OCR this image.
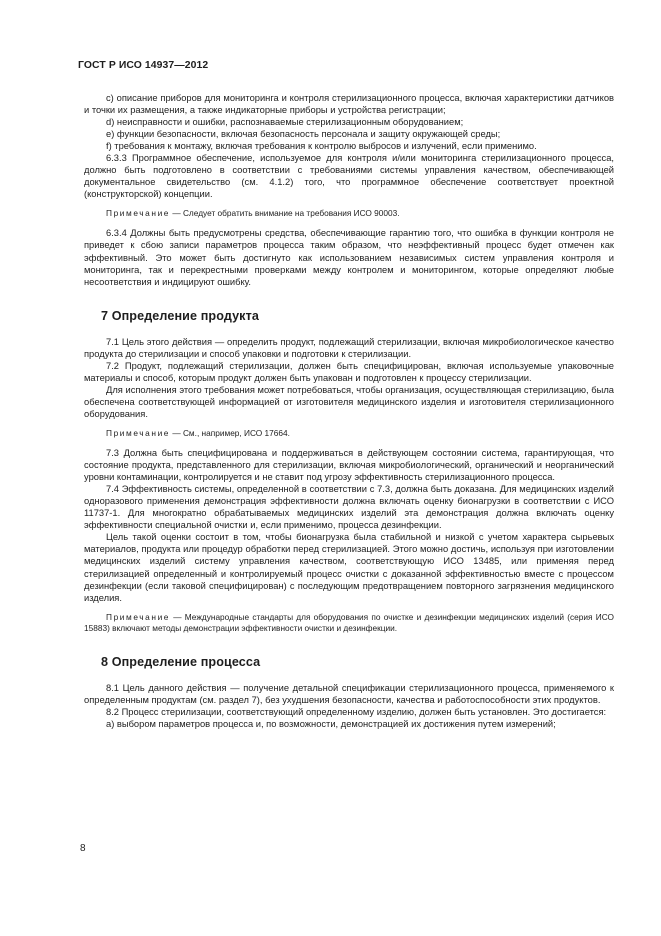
ГОСТ Р ИСО 14937—2012

с) описание приборов для мониторинга и контроля стерилизационного процесса, включая характеристики датчиков и точки их размещения, а также индикаторные приборы и устройства регистрации;

d) неисправности и ошибки, распознаваемые стерилизационным оборудованием;

е) функции безопасности, включая безопасность персонала и защиту окружающей среды;

f) требования к монтажу, включая требования к контролю выбросов и излучений, если применимо.

6.3.3 Программное обеспечение, используемое для контроля и/или мониторинга стерилизационного процесса, должно быть подготовлено в соответствии с требованиями системы управления качеством, обеспечивающей документальное свидетельство (см. 4.1.2) того, что программное обеспечение соответствует проектной (конструкторской) концепции.

Примечание — Следует обратить внимание на требования ИСО 90003.

6.3.4 Должны быть предусмотрены средства, обеспечивающие гарантию того, что ошибка в функции контроля не приведет к сбою записи параметров процесса таким образом, что неэффективный процесс будет отмечен как эффективный. Это может быть достигнуто как использованием независимых систем управления контроля и мониторинга, так и перекрестными проверками между контролем и мониторингом, которые определяют любые несоответствия и индицируют ошибку.

7 Определение продукта

7.1 Цель этого действия — определить продукт, подлежащий стерилизации, включая микробиологическое качество продукта до стерилизации и способ упаковки и подготовки к стерилизации.

7.2 Продукт, подлежащий стерилизации, должен быть специфицирован, включая используемые упаковочные материалы и способ, которым продукт должен быть упакован и подготовлен к процессу стерилизации.

Для исполнения этого требования может потребоваться, чтобы организация, осуществляющая стерилизацию, была обеспечена соответствующей информацией от изготовителя медицинского изделия и изготовителя стерилизационного оборудования.

Примечание — См., например, ИСО 17664.

7.3 Должна быть специфицирована и поддерживаться в действующем состоянии система, гарантирующая, что состояние продукта, представленного для стерилизации, включая микробиологический, органический и неорганический уровни контаминации, контролируется и не ставит под угрозу эффективность стерилизационного процесса.

7.4 Эффективность системы, определенной в соответствии с 7.3, должна быть доказана. Для медицинских изделий одноразового применения демонстрация эффективности должна включать оценку бионагрузки в соответствии с ИСО 11737-1. Для многократно обрабатываемых медицинских изделий эта демонстрация должна включать оценку эффективности специальной очистки и, если применимо, процесса дезинфекции.

Цель такой оценки состоит в том, чтобы бионагрузка была стабильной и низкой с учетом характера сырьевых материалов, продукта или процедур обработки перед стерилизацией. Этого можно достичь, используя при изготовлении медицинских изделий систему управления качеством, соответствующую ИСО 13485, или применяя перед стерилизацией определенный и контролируемый процесс очистки с доказанной эффективностью вместе с процессом дезинфекции (если таковой специфицирован) с последующим предотвращением повторного загрязнения медицинского изделия.

Примечание — Международные стандарты для оборудования по очистке и дезинфекции медицинских изделий (серия ИСО 15883) включают методы демонстрации эффективности очистки и дезинфекции.

8 Определение процесса

8.1 Цель данного действия — получение детальной спецификации стерилизационного процесса, применяемого к определенным продуктам (см. раздел 7), без ухудшения безопасности, качества и работоспособности этих продуктов.

8.2 Процесс стерилизации, соответствующий определенному изделию, должен быть установлен. Это достигается:

а) выбором параметров процесса и, по возможности, демонстрацией их достижения путем измерений;

8
